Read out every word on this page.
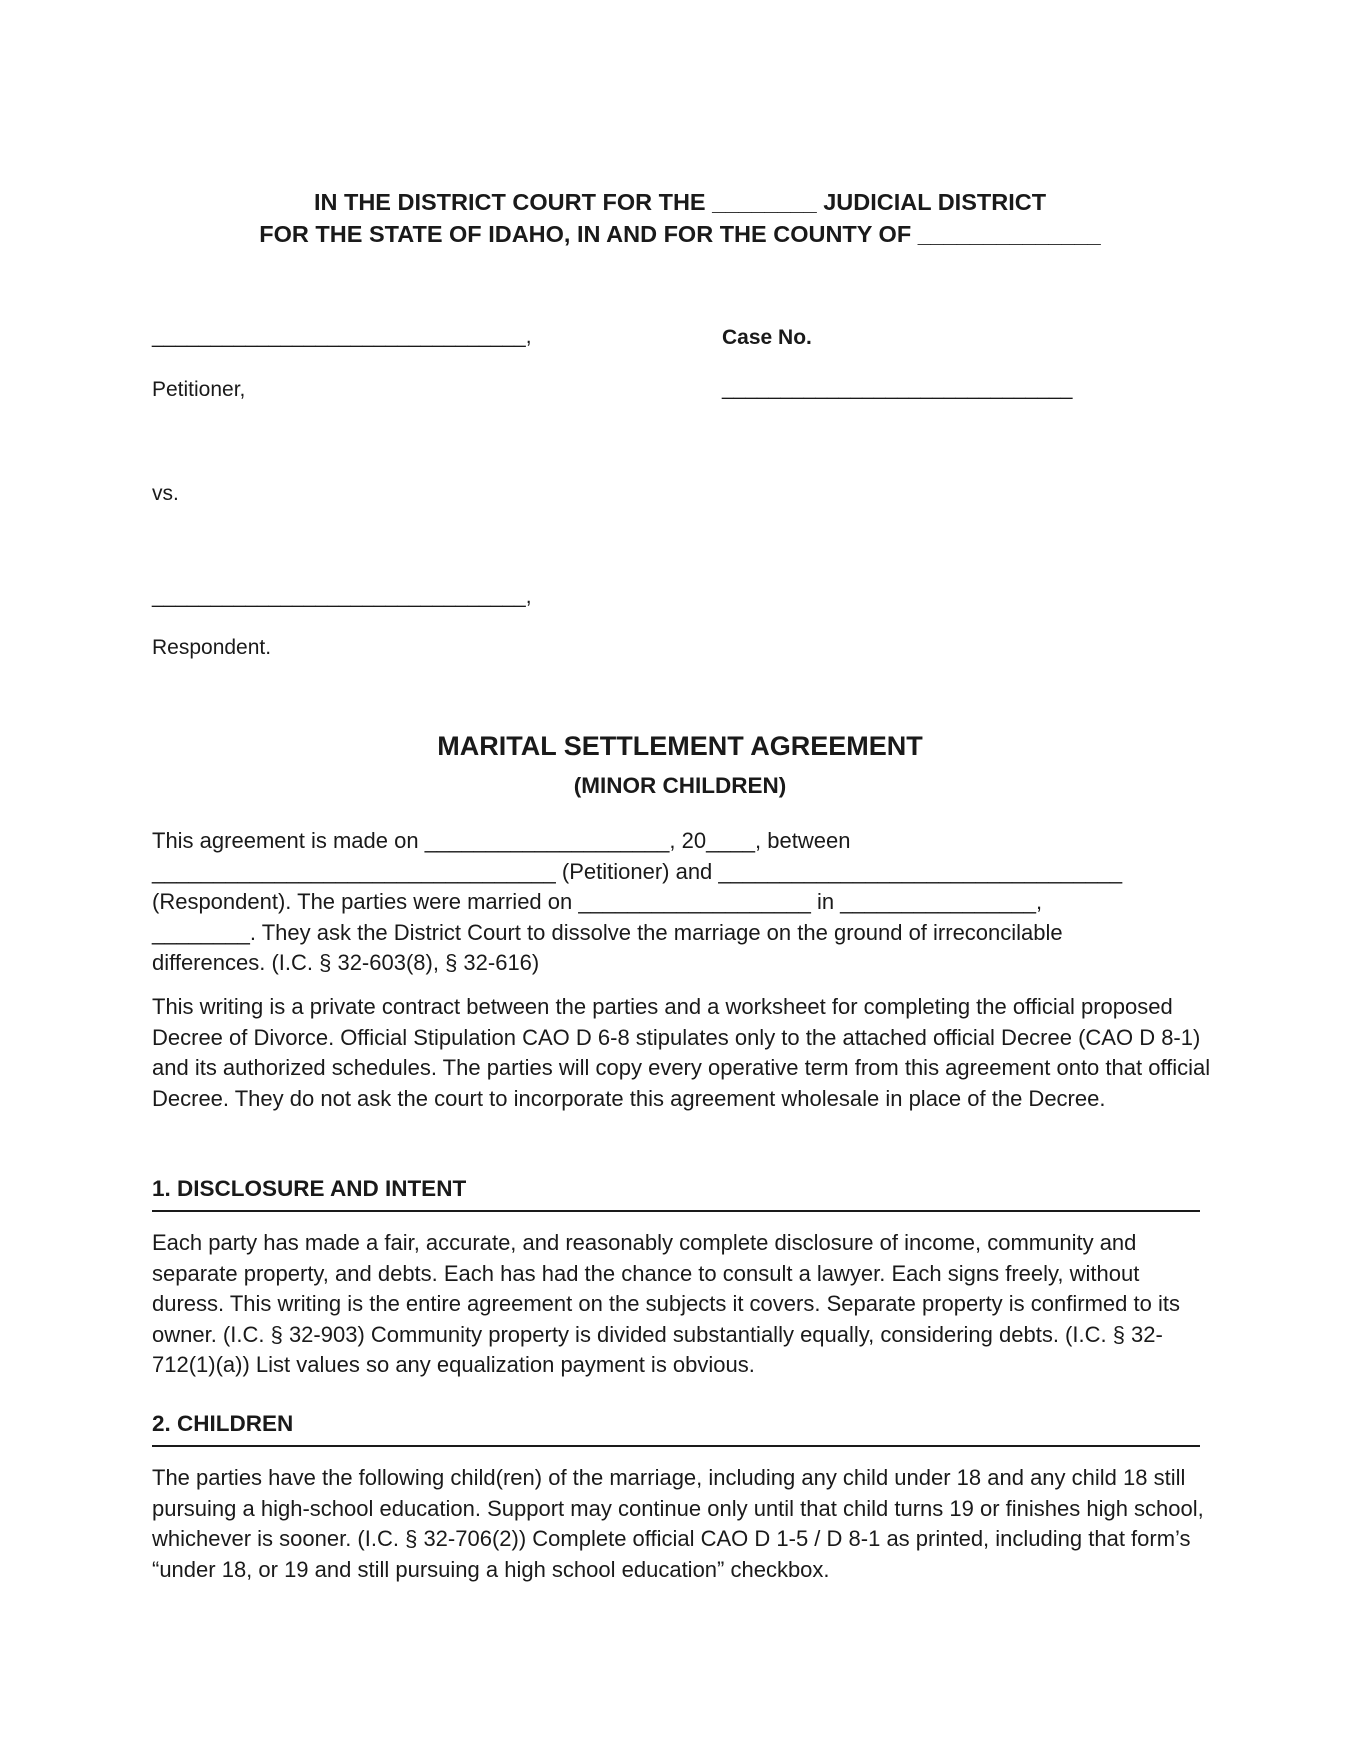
IN THE DISTRICT COURT FOR THE ________ JUDICIAL DISTRICT
FOR THE STATE OF IDAHO, IN AND FOR THE COUNTY OF ______________
________________________________,
Petitioner,
vs.
________________________________,
Respondent.
Case No.
______________________________
MARITAL SETTLEMENT AGREEMENT
(MINOR CHILDREN)
This agreement is made on ____________________, 20____, between
_________________________________ (Petitioner) and _________________________________
(Respondent). The parties were married on ___________________ in ________________,
________. They ask the District Court to dissolve the marriage on the ground of irreconcilable
differences. (I.C. § 32-603(8), § 32-616)
This writing is a private contract between the parties and a worksheet for completing the official proposed Decree of Divorce. Official Stipulation CAO D 6-8 stipulates only to the attached official Decree (CAO D 8-1) and its authorized schedules. The parties will copy every operative term from this agreement onto that official Decree. They do not ask the court to incorporate this agreement wholesale in place of the Decree.
1. DISCLOSURE AND INTENT
Each party has made a fair, accurate, and reasonably complete disclosure of income, community and separate property, and debts. Each has had the chance to consult a lawyer. Each signs freely, without duress. This writing is the entire agreement on the subjects it covers. Separate property is confirmed to its owner. (I.C. § 32-903) Community property is divided substantially equally, considering debts. (I.C. § 32-712(1)(a)) List values so any equalization payment is obvious.
2. CHILDREN
The parties have the following child(ren) of the marriage, including any child under 18 and any child 18 still pursuing a high-school education. Support may continue only until that child turns 19 or finishes high school, whichever is sooner. (I.C. § 32-706(2)) Complete official CAO D 1-5 / D 8-1 as printed, including that form’s “under 18, or 19 and still pursuing a high school education” checkbox.
